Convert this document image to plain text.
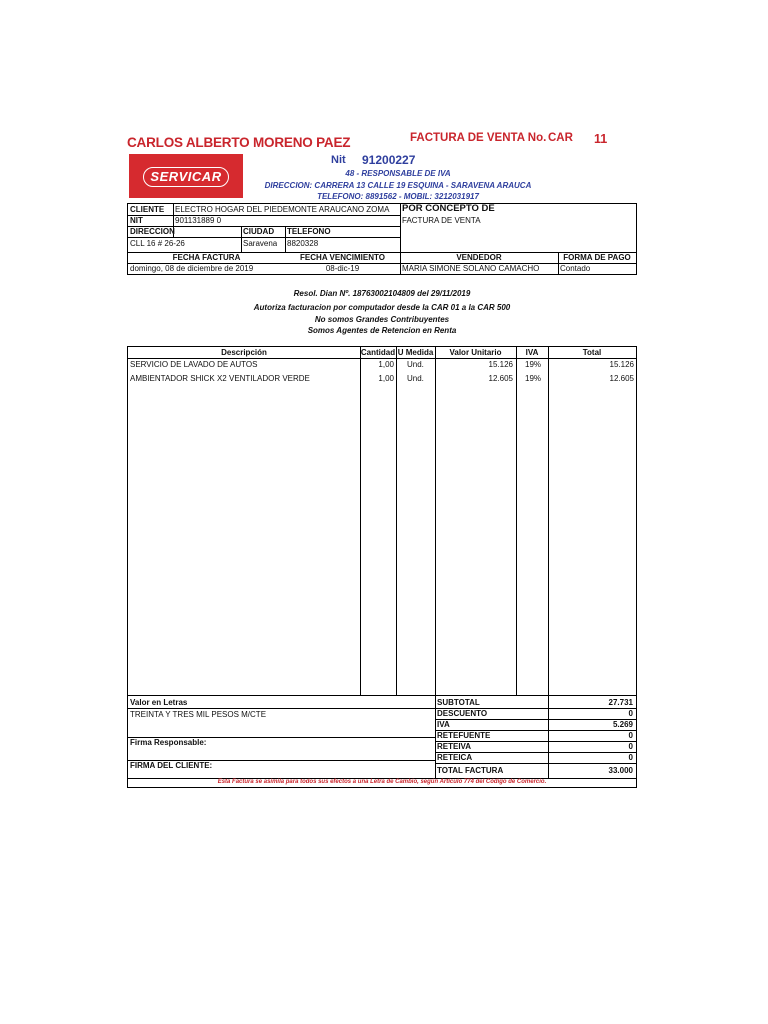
CARLOS ALBERTO MORENO PAEZ	FACTURA DE VENTA No. CAR 11
SERVICAR
Nit 91200227
48 - RESPONSABLE DE IVA
DIRECCION: CARRERA 13 CALLE 19 ESQUINA - SARAVENA ARAUCA
TELEFONO: 8891562 - MOBIL: 3212031917
CLIENTE ELECTRO HOGAR DEL PIEDEMONTE ARAUCANO ZOMA	POR CONCEPTO DE
FACTURA DE VENTA
NIT	901131889 0
DIRECCION	CIUDAD TELEFONO
CLL 16 # 26-26	Saravena 8820328
FECHA FACTURA	FECHA VENCIMIENTO	VENDEDOR	FORMA DE PAGO
domingo, 08 de diciembre de 2019	08-dic-19	MARIA SIMONE SOLANO CAMACHO	Contado
Resol. Dian Nº. 18763002104809 del 29/11/2019
Autoriza facturacion por computador desde la CAR 01 a la CAR 500
No somos Grandes Contribuyentes
Somos Agentes de Retencion en Renta
Descripción	Cantidad U Medida	Valor Unitario	IVA	Total
SERVICIO DE LAVADO DE AUTOS	1,00 Und.	15.126 19%	15.126
AMBIENTADOR SHICK X2 VENTILADOR VERDE	1,00 Und.	12.605 19%	12.605
Valor en Letras
TREINTA Y TRES MIL PESOS M/CTE
Firma Responsable:
FIRMA DEL CLIENTE:
SUBTOTAL	27.731
DESCUENTO	0
IVA	5.269
RETEFUENTE	0
RETEIVA	0
RETEICA	0
TOTAL FACTURA	33.000
Esta Factura se asimila para todos sus efectos a una Letra de Cambio, según Artículo 774 del Código de Comercio.
